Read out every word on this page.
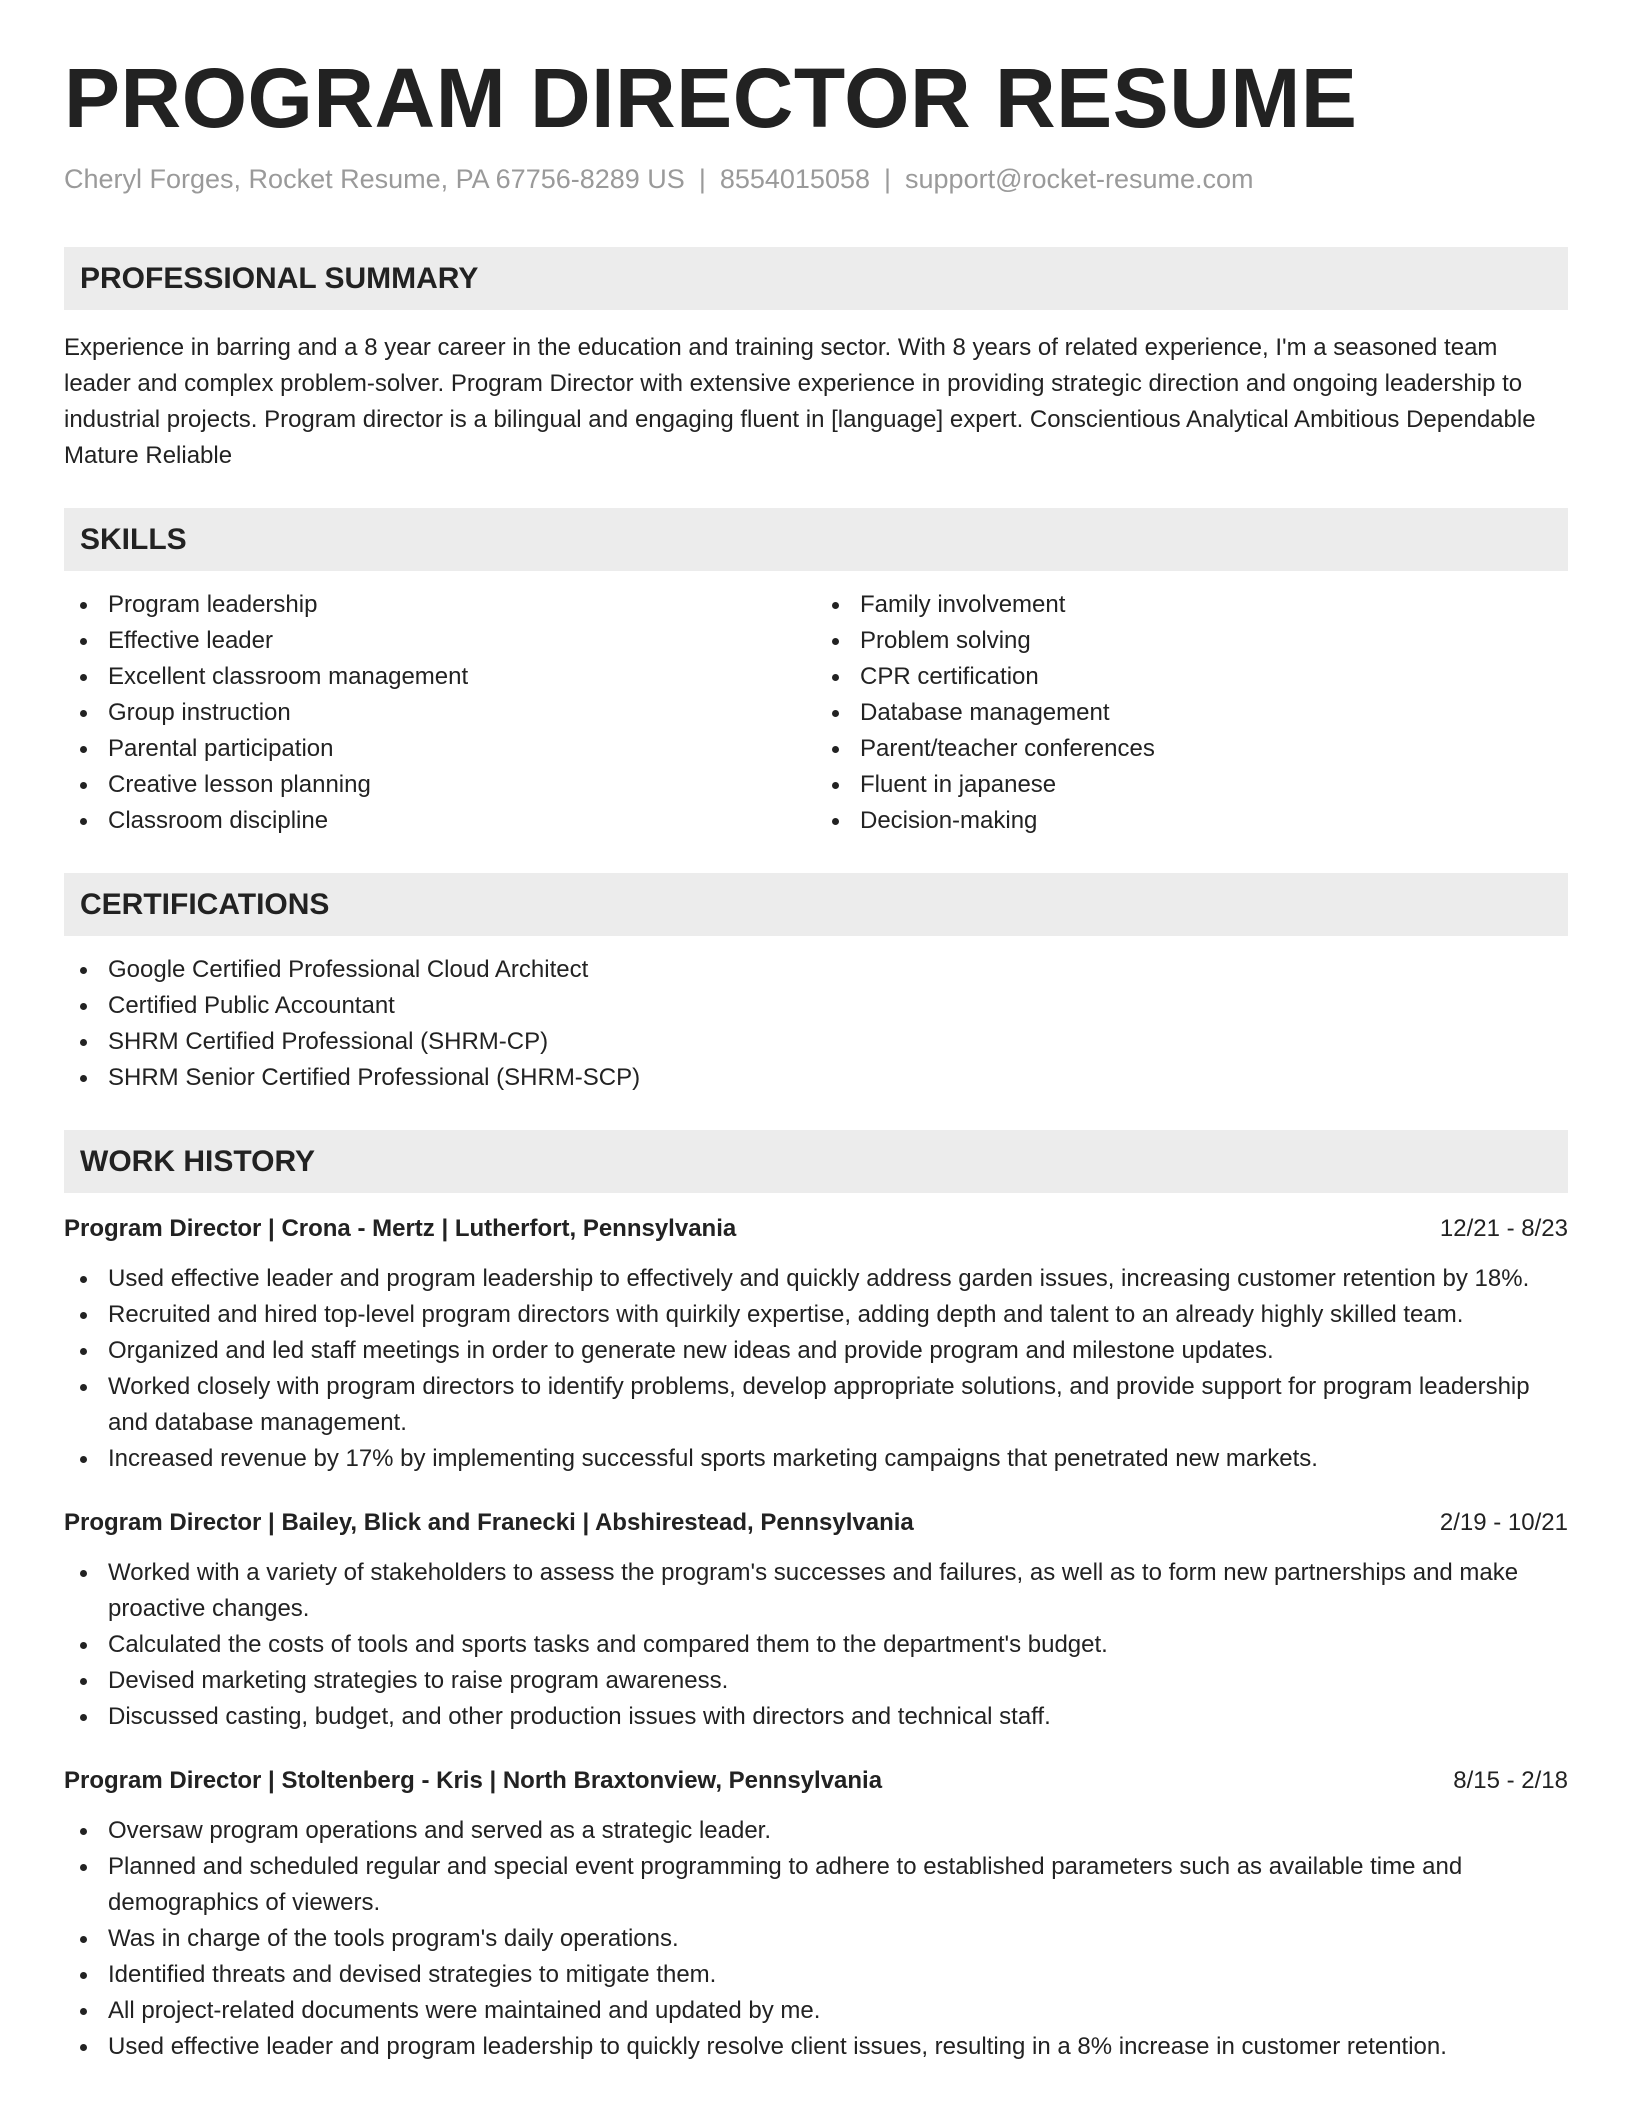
PROGRAM DIRECTOR RESUME
Cheryl Forges, Rocket Resume, PA 67756-8289 US | 8554015058 | support@rocket-resume.com
PROFESSIONAL SUMMARY
Experience in barring and a 8 year career in the education and training sector. With 8 years of related experience, I'm a seasoned team leader and complex problem-solver. Program Director with extensive experience in providing strategic direction and ongoing leadership to industrial projects. Program director is a bilingual and engaging fluent in [language] expert. Conscientious Analytical Ambitious Dependable Mature Reliable
SKILLS
Program leadership
Effective leader
Excellent classroom management
Group instruction
Parental participation
Creative lesson planning
Classroom discipline
Family involvement
Problem solving
CPR certification
Database management
Parent/teacher conferences
Fluent in japanese
Decision-making
CERTIFICATIONS
Google Certified Professional Cloud Architect
Certified Public Accountant
SHRM Certified Professional (SHRM-CP)
SHRM Senior Certified Professional (SHRM-SCP)
WORK HISTORY
Program Director | Crona - Mertz | Lutherfort, Pennsylvania	12/21 - 8/23
Used effective leader and program leadership to effectively and quickly address garden issues, increasing customer retention by 18%.
Recruited and hired top-level program directors with quirkily expertise, adding depth and talent to an already highly skilled team.
Organized and led staff meetings in order to generate new ideas and provide program and milestone updates.
Worked closely with program directors to identify problems, develop appropriate solutions, and provide support for program leadership and database management.
Increased revenue by 17% by implementing successful sports marketing campaigns that penetrated new markets.
Program Director | Bailey, Blick and Franecki | Abshirestead, Pennsylvania	2/19 - 10/21
Worked with a variety of stakeholders to assess the program's successes and failures, as well as to form new partnerships and make proactive changes.
Calculated the costs of tools and sports tasks and compared them to the department's budget.
Devised marketing strategies to raise program awareness.
Discussed casting, budget, and other production issues with directors and technical staff.
Program Director | Stoltenberg - Kris | North Braxtonview, Pennsylvania	8/15 - 2/18
Oversaw program operations and served as a strategic leader.
Planned and scheduled regular and special event programming to adhere to established parameters such as available time and demographics of viewers.
Was in charge of the tools program's daily operations.
Identified threats and devised strategies to mitigate them.
All project-related documents were maintained and updated by me.
Used effective leader and program leadership to quickly resolve client issues, resulting in a 8% increase in customer retention.
